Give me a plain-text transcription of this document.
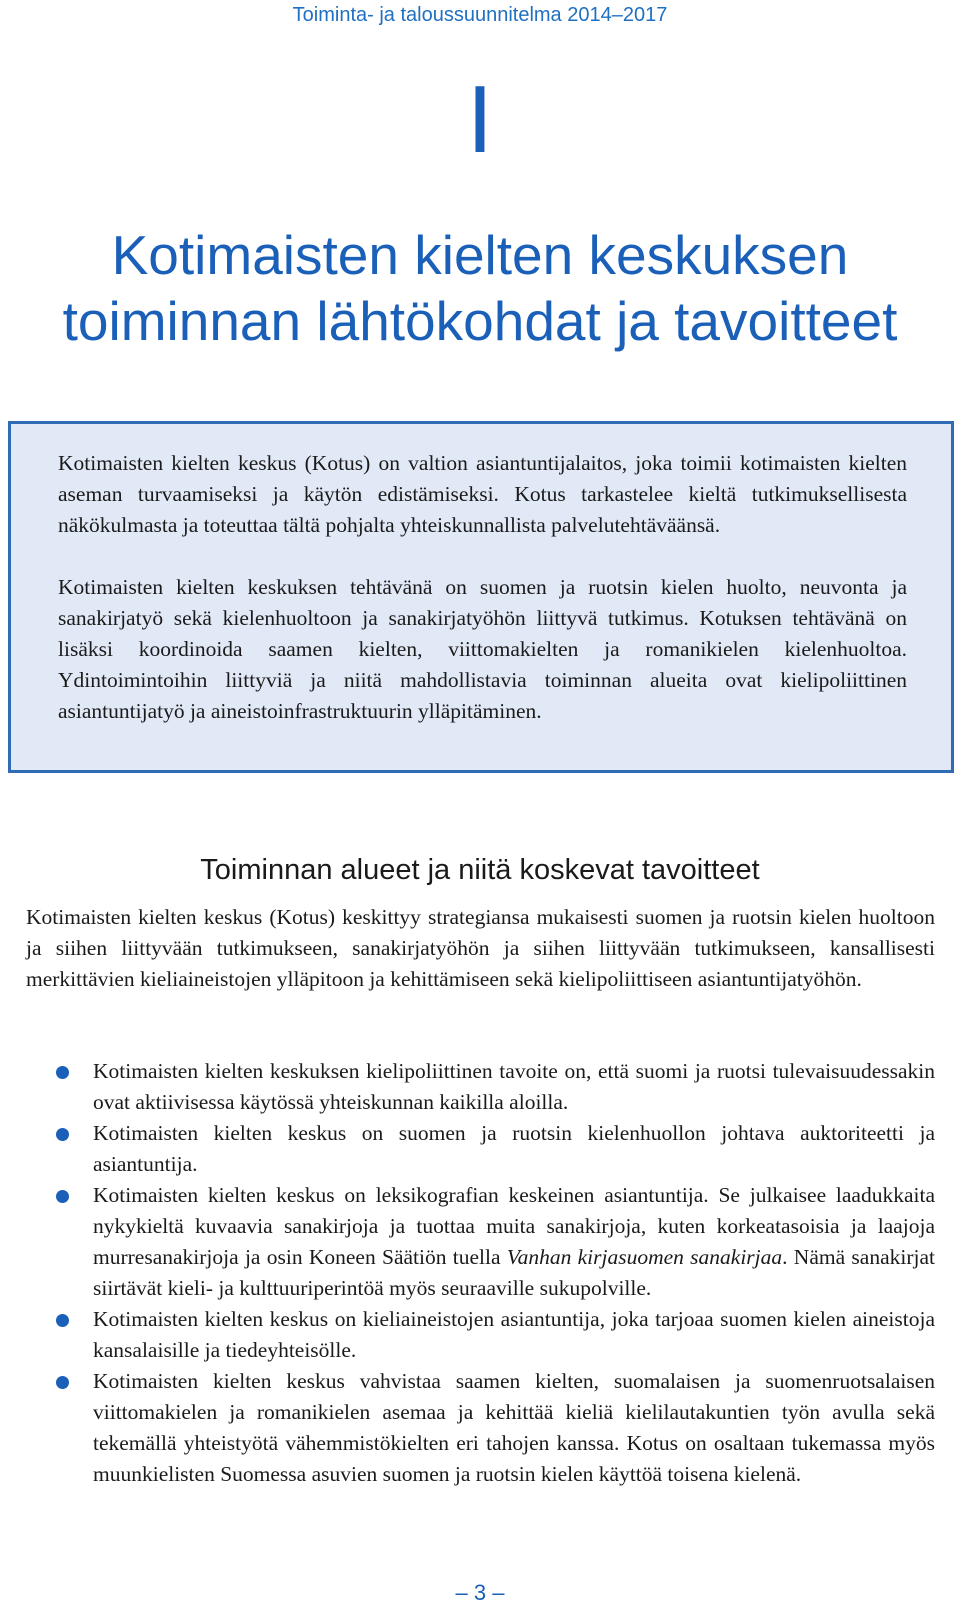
Toiminta- ja taloussuunnitelma 2014–2017
I
Kotimaisten kielten keskuksen
toiminnan lähtökohdat ja tavoitteet

Kotimaisten kielten keskus (Kotus) on valtion asiantuntijalaitos, joka toimii kotimaisten kielten aseman turvaamiseksi ja käytön edistämiseksi. Kotus tarkastelee kieltä tutkimuksellisesta näkökulmasta ja toteuttaa tältä pohjalta yhteiskunnallista palvelutehtäväänsä.

Kotimaisten kielten keskuksen tehtävänä on suomen ja ruotsin kielen huolto, neuvonta ja sanakirjatyö sekä kielenhuoltoon ja sanakirjatyöhön liittyvä tutkimus. Kotuksen tehtävänä on lisäksi koordinoida saamen kielten, viittomakielten ja romanikielen kielenhuoltoa. Ydintoimintoihin liittyviä ja niitä mahdollistavia toiminnan alueita ovat kielipoliittinen asiantuntijatyö ja aineistoinfrastruktuurin ylläpitäminen.

Toiminnan alueet ja niitä koskevat tavoitteet

Kotimaisten kielten keskus (Kotus) keskittyy strategiansa mukaisesti suomen ja ruotsin kielen huoltoon ja siihen liittyvään tutkimukseen, sanakirjatyöhön ja siihen liittyvään tutkimukseen, kansallisesti merkittävien kieliaineistojen ylläpitoon ja kehittämiseen sekä kielipoliittiseen asiantuntijatyöhön.

Kotimaisten kielten keskuksen kielipoliittinen tavoite on, että suomi ja ruotsi tulevaisuudessakin ovat aktiivisessa käytössä yhteiskunnan kaikilla aloilla.
Kotimaisten kielten keskus on suomen ja ruotsin kielenhuollon johtava auktoriteetti ja asiantuntija.
Kotimaisten kielten keskus on leksikografian keskeinen asiantuntija. Se julkaisee laadukkaita nykykieltä kuvaavia sanakirjoja ja tuottaa muita sanakirjoja, kuten korkeatasoisia ja laajoja murresanakirjoja ja osin Koneen Säätiön tuella Vanhan kirjasuomen sanakirjaa. Nämä sanakirjat siirtävät kieli- ja kulttuuriperintöä myös seuraaville sukupolville.
Kotimaisten kielten keskus on kieliaineistojen asiantuntija, joka tarjoaa suomen kielen aineistoja kansalaisille ja tiedeyhteisölle.
Kotimaisten kielten keskus vahvistaa saamen kielten, suomalaisen ja suomenruotsalaisen viittomakielen ja romanikielen asemaa ja kehittää kieliä kielilautakuntien työn avulla sekä tekemällä yhteistyötä vähemmistökielten eri tahojen kanssa. Kotus on osaltaan tukemassa myös muunkielisten Suomessa asuvien suomen ja ruotsin kielen käyttöä toisena kielenä.
– 3 –
